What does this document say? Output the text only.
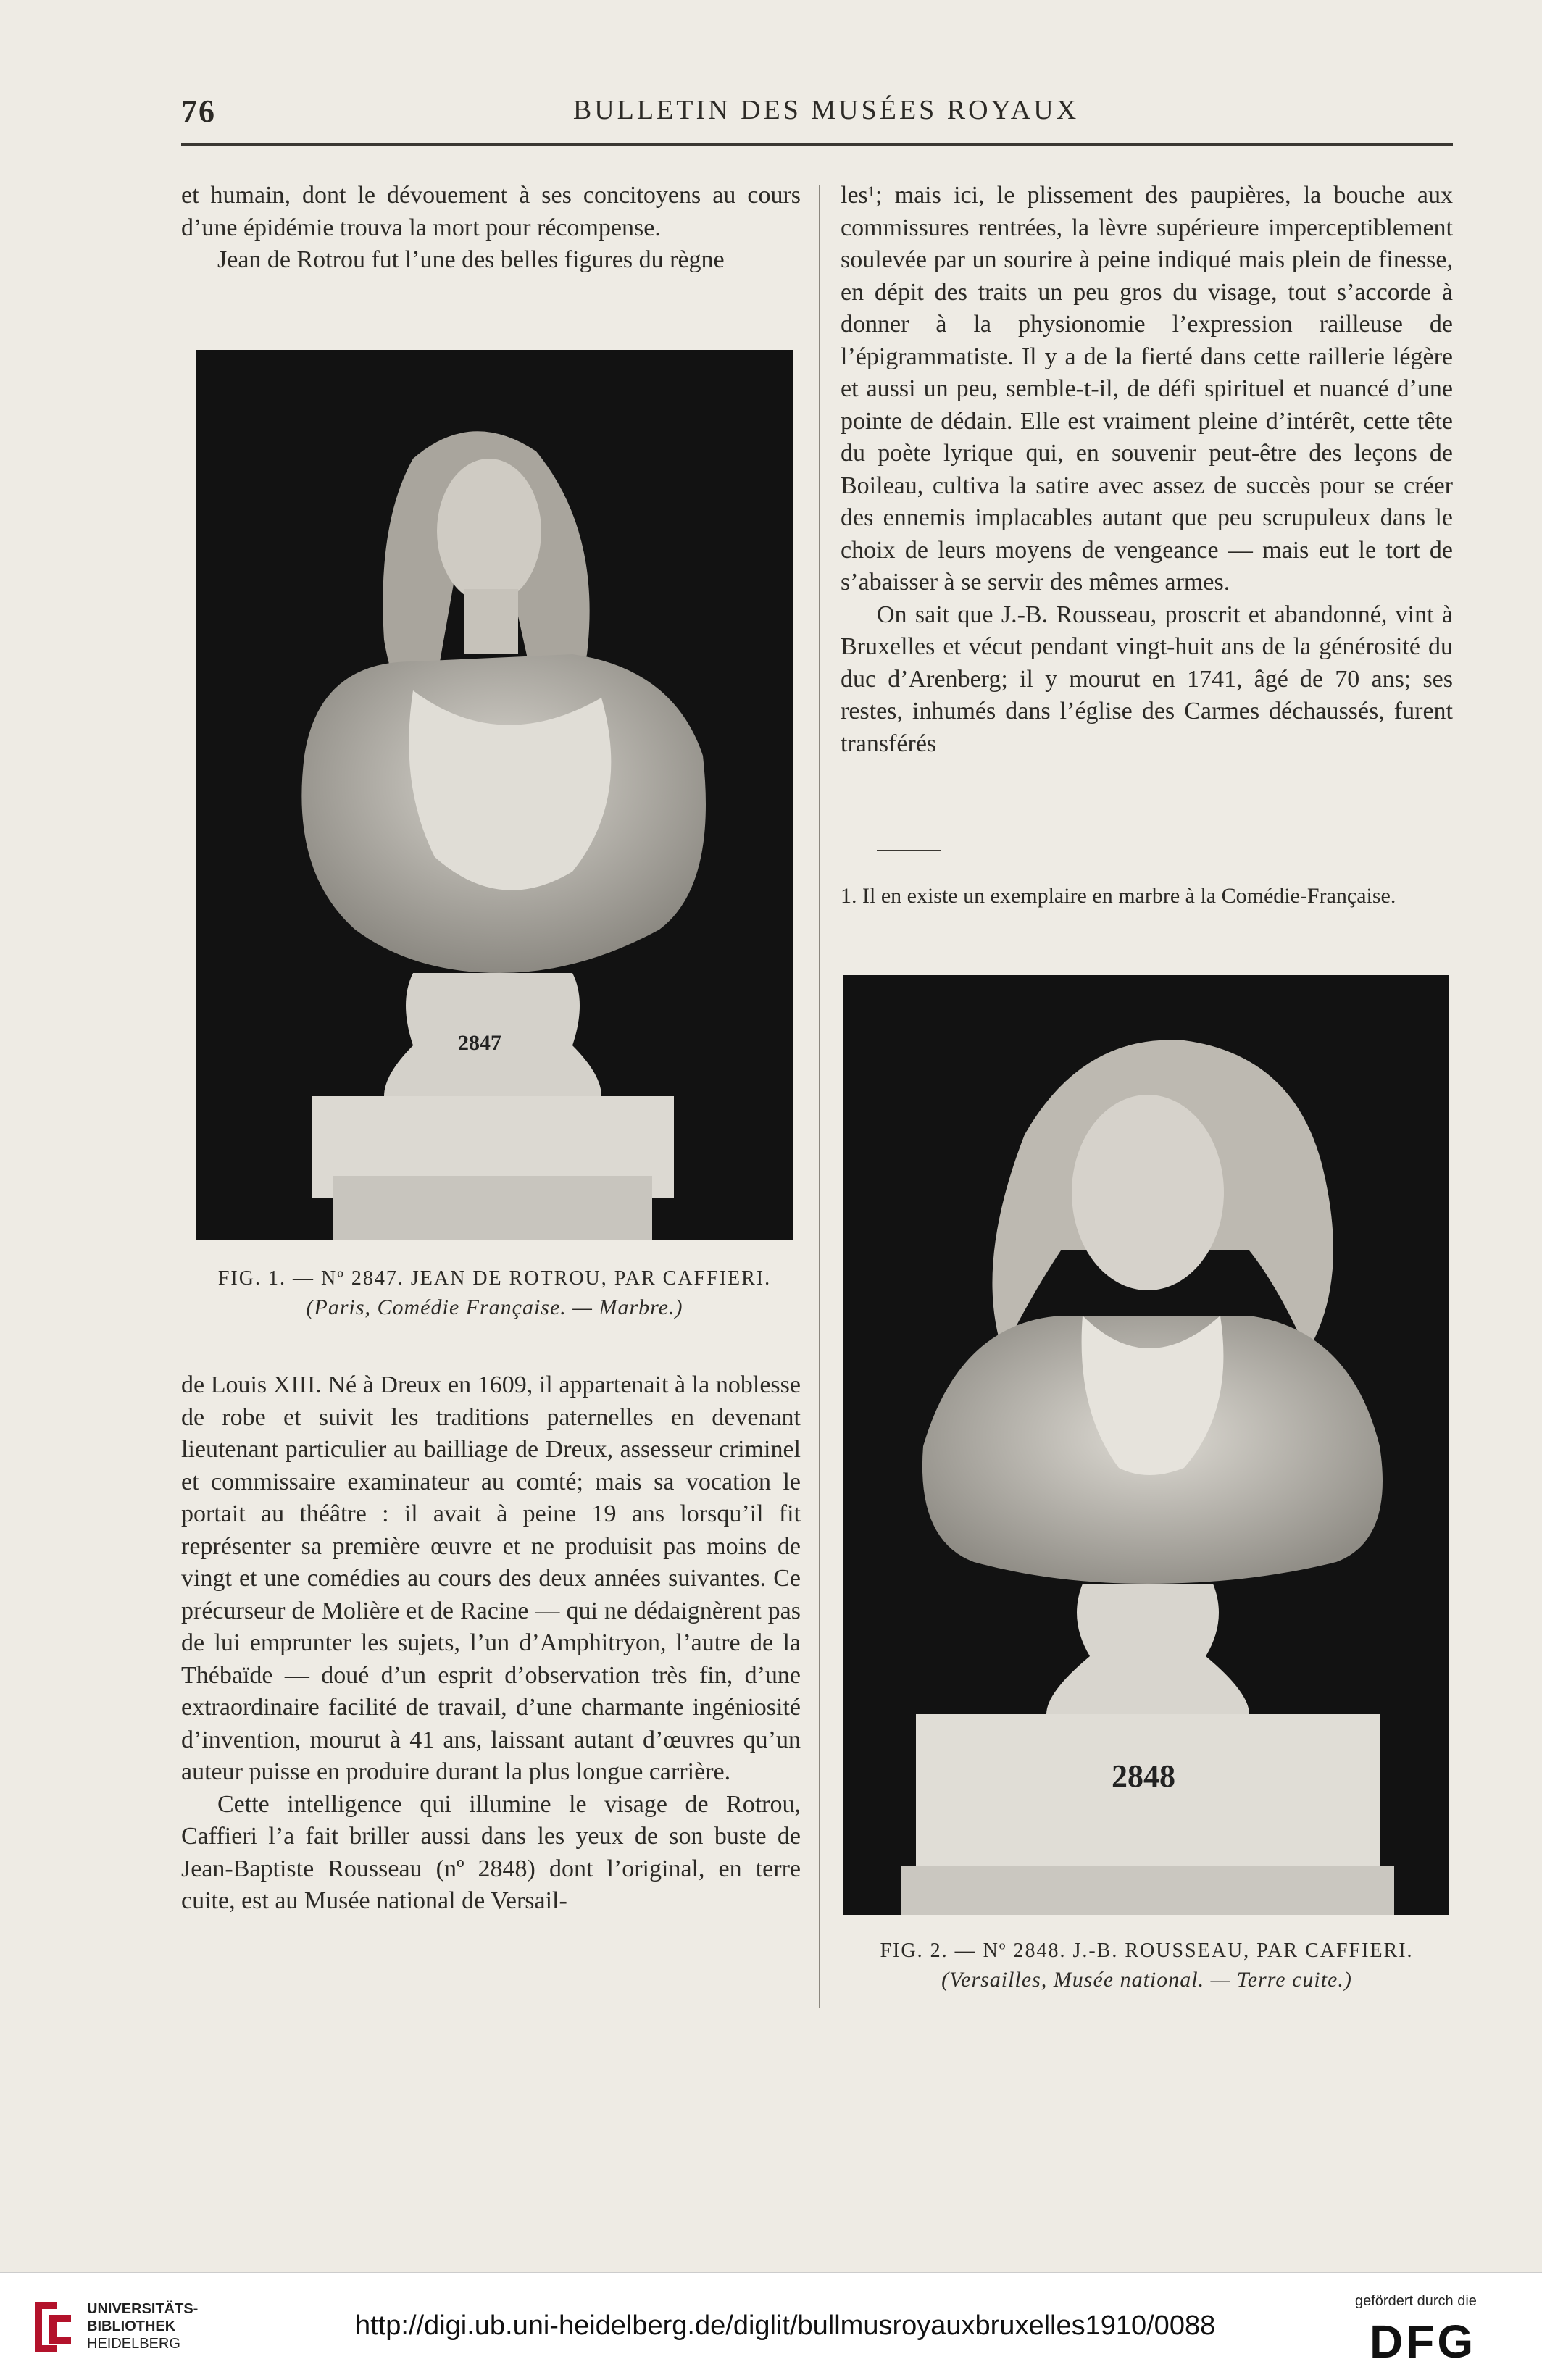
76	BULLETIN DES MUSÉES ROYAUX

et humain, dont le dévouement à ses concitoyens au cours d’une épidémie trouva la mort pour récompense.

Jean de Rotrou fut l’une des belles figures du règne

2847
FIG. 1. — Nº 2847. JEAN DE ROTROU, PAR CAFFIERI.
(Paris, Comédie Française. — Marbre.)

de Louis XIII. Né à Dreux en 1609, il appartenait à la noblesse de robe et suivit les traditions paternelles en devenant lieutenant particulier au bailliage de Dreux, assesseur criminel et commissaire examinateur au comté; mais sa vocation le portait au théâtre : il avait à peine 19 ans lorsqu’il fit représenter sa première œuvre et ne produisit pas moins de vingt et une comédies au cours des deux années suivantes. Ce précurseur de Molière et de Racine — qui ne dédaignèrent pas de lui emprunter les sujets, l’un d’Amphitryon, l’autre de la Thébaïde — doué d’un esprit d’observation très fin, d’une extraordinaire facilité de travail, d’une charmante ingéniosité d’invention, mourut à 41 ans, laissant autant d’œuvres qu’un auteur puisse en produire durant la plus longue carrière.

Cette intelligence qui illumine le visage de Rotrou, Caffieri l’a fait briller aussi dans les yeux de son buste de Jean-Baptiste Rousseau (nº 2848) dont l’original, en terre cuite, est au Musée national de Versail-

les¹; mais ici, le plissement des paupières, la bouche aux commissures rentrées, la lèvre supérieure imperceptiblement soulevée par un sourire à peine indiqué mais plein de finesse, en dépit des traits un peu gros du visage, tout s’accorde à donner à la physionomie l’expression railleuse de l’épigrammatiste. Il y a de la fierté dans cette raillerie légère et aussi un peu, semble-t-il, de défi spirituel et nuancé d’une pointe de dédain. Elle est vraiment pleine d’intérêt, cette tête du poète lyrique qui, en souvenir peut-être des leçons de Boileau, cultiva la satire avec assez de succès pour se créer des ennemis implacables autant que peu scrupuleux dans le choix de leurs moyens de vengeance — mais eut le tort de s’abaisser à se servir des mêmes armes.

On sait que J.-B. Rousseau, proscrit et abandonné, vint à Bruxelles et vécut pendant vingt-huit ans de la générosité du duc d’Arenberg; il y mourut en 1741, âgé de 70 ans; ses restes, inhumés dans l’église des Carmes déchaussés, furent transférés

1. Il en existe un exemplaire en marbre à la Comédie-Française.
2848
FIG. 2. — Nº 2848. J.-B. ROUSSEAU, PAR CAFFIERI.
(Versailles, Musée national. — Terre cuite.)
UNIVERSITÄTS-
BIBLIOTHEK
HEIDELBERG
http://digi.ub.uni-heidelberg.de/diglit/bullmusroyauxbruxelles1910/0088
gefördert durch die
DFG
